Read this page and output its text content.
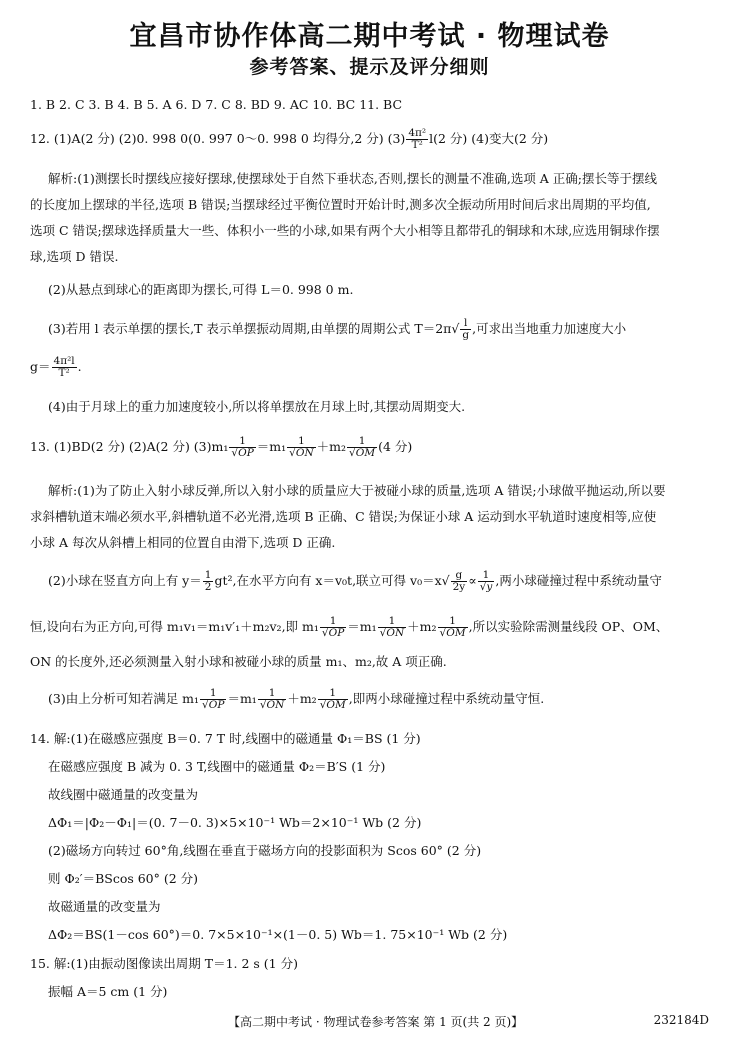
宜昌市协作体高二期中考试 · 物理试卷
参考答案、提示及评分细则
1. B 2. C 3. B 4. B 5. A 6. D 7. C 8. BD 9. AC 10. BC 11. BC
12. (1)A(2 分) (2)0. 998 0(0. 997 0～0. 998 0 均得分,2 分) $(3) \frac{\text{4π²}}{\text{T²}} l(2$ 分) (4)变大(2 分)
解析:(1)测摆长时摆线应接好摆球,使摆球处于自然下垂状态,否则,摆长的测量不准确,选项 A 正确;摆长等于摆线
的长度加上摆球的半径,选项 B 错误;当摆球经过平衡位置时开始计时,测多次全振动所用时间后求出周期的平均值,
选项 C 错误;摆球选择质量大一些、体积小一些的小球,如果有两个大小相等且都带孔的铜球和木球,应选用铜球作摆
球,选项 D 错误.
(2)从悬点到球心的距离即为摆长,可得 L＝0. 998 0 m.
(3)若用 l 表示单摆的摆长,T 表示单摆振动周期,由单摆的周期公式 $T=2\pi√ \frac{l}{g}$ ,可求出当地重力加速度大小
$g= \frac{\text{4π²l}}{\text{T²}}$ .
(4)由于月球上的重力加速度较小,所以将单摆放在月球上时,其摆动周期变大.
13. (1)BD(2 分) (2)A(2 分) $(3)m_1 \frac{1}{√OP} =m_1 \frac{1}{√ON} +m_2 \frac{1}{√OM} (4$ 分)
解析:(1)为了防止入射小球反弹,所以入射小球的质量应大于被碰小球的质量,选项 A 错误;小球做平抛运动,所以要
求斜槽轨道末端必须水平,斜槽轨道不必光滑,选项 B 正确、C 错误;为保证小球 A 运动到水平轨道时速度相等,应使
小球 A 每次从斜槽上相同的位置自由滑下,选项 D 正确.
(2)小球在竖直方向上有 $y= \frac{1}{2} gt^2$,在水平方向有 x＝v₀t,联立可得 $v_0=x√ \frac{g}{2y} \propto \frac{1}{√y}$ ,两小球碰撞过程中系统动量守
恒,设向右为正方向,可得 m₁v₁＝m₁v′₁＋m₂v₂,即 $m_1 \frac{1}{√OP} =m_1 \frac{1}{√ON} +m_2 \frac{1}{√OM}$ ,所以实验除需测量线段 OP、OM、
ON 的长度外,还必须测量入射小球和被碰小球的质量 m₁、m₂,故 A 项正确.
(3)由上分析可知若满足 $m_1 \frac{1}{√OP} =m_1 \frac{1}{√ON} +m_2 \frac{1}{√OM}$ ,即两小球碰撞过程中系统动量守恒.
14. 解:(1)在磁感应强度 B＝0. 7 T 时,线圈中的磁通量 Φ₁＝BS (1 分)
在磁感应强度 B 减为 0. 3 T,线圈中的磁通量 Φ₂＝B′S (1 分)
故线圈中磁通量的改变量为
ΔΦ₁＝|Φ₂－Φ₁|＝(0. 7－0. 3)×5×10⁻¹ Wb＝2×10⁻¹ Wb (2 分)
(2)磁场方向转过 60°角,线圈在垂直于磁场方向的投影面积为 Scos 60° (2 分)
则 Φ₂′＝BScos 60° (2 分)
故磁通量的改变量为
ΔΦ₂＝BS(1－cos 60°)＝0. 7×5×10⁻¹×(1－0. 5) Wb＝1. 75×10⁻¹ Wb (2 分)
15. 解:(1)由振动图像读出周期 T＝1. 2 s (1 分)
振幅 A＝5 cm (1 分)
【高二期中考试 · 物理试卷参考答案 第 1 页(共 2 页)】	232184D
